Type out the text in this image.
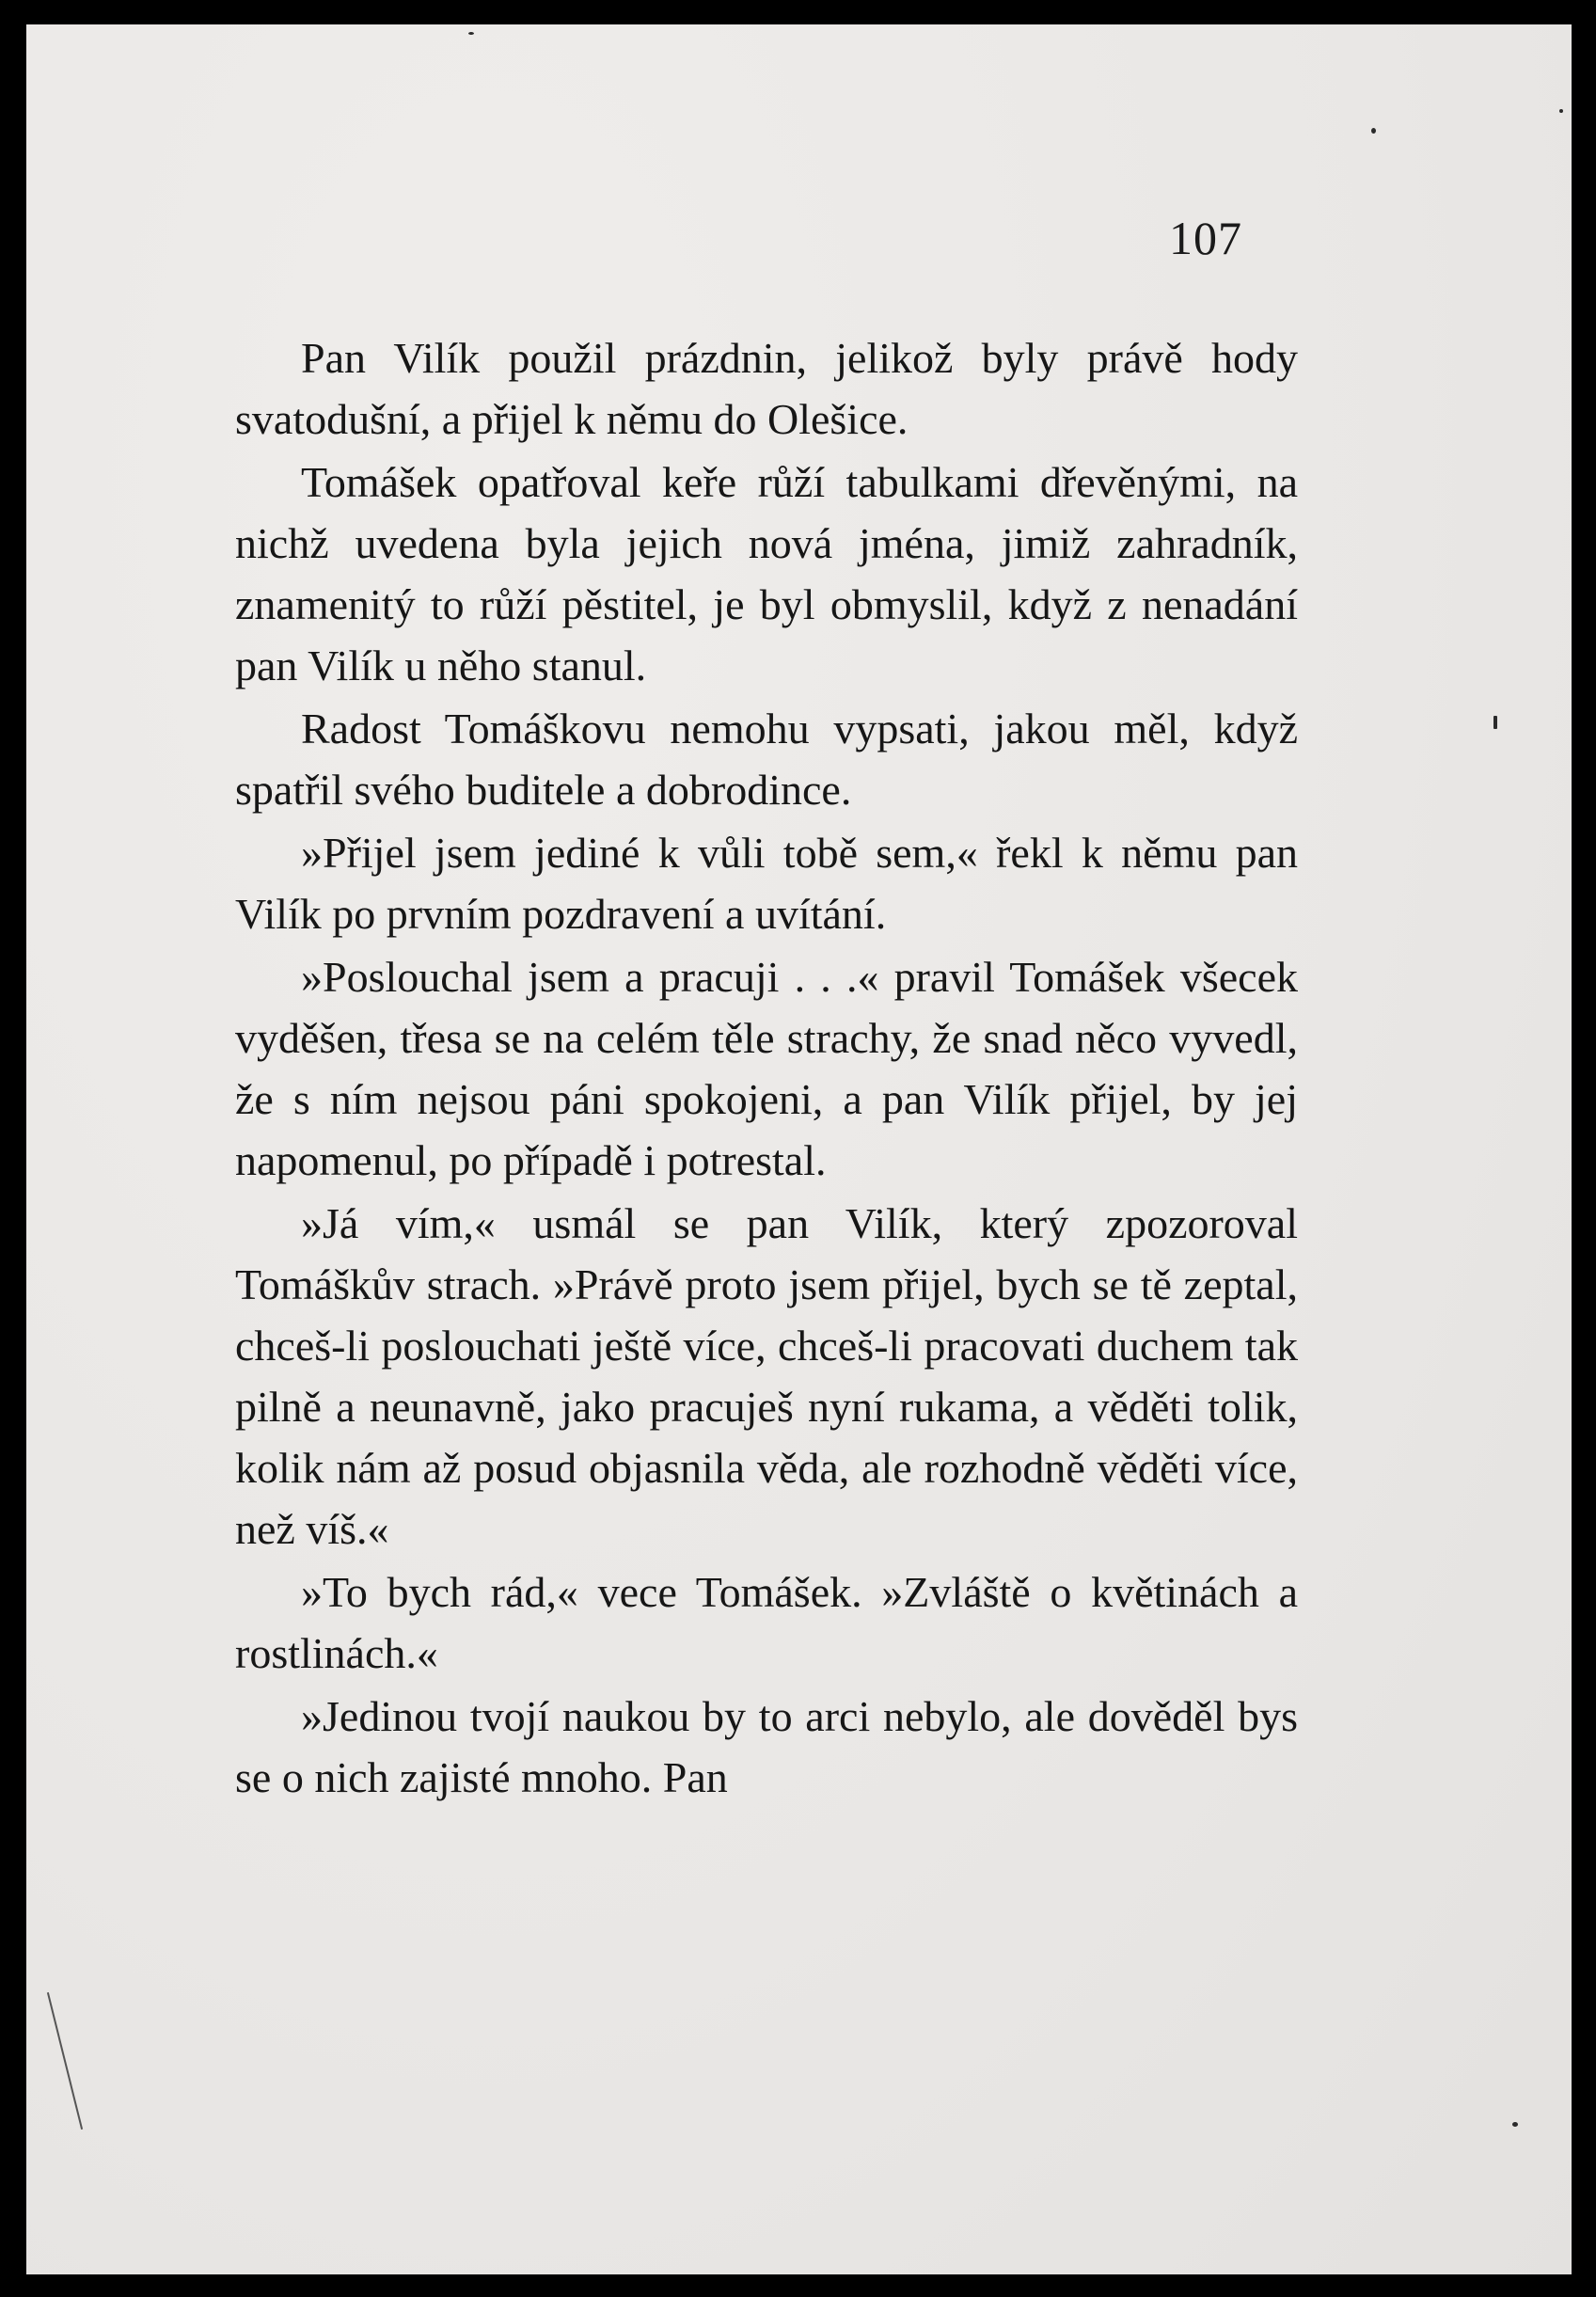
107

Pan Vilík použil prázdnin, jelikož byly právě hody svatodušní, a přijel k němu do Olešice.

Tomášek opatřoval keře růží tabulkami dřevěnými, na nichž uvedena byla jejich nová jména, jimiž zahradník, znamenitý to růží pěstitel, je byl obmyslil, když z nenadání pan Vilík u něho stanul.

Radost Tomáškovu nemohu vypsati, jakou měl, když spatřil svého buditele a dobrodince.

»Přijel jsem jediné k vůli tobě sem,« řekl k němu pan Vilík po prvním pozdravení a uvítání.

»Poslouchal jsem a pracuji . . .« pravil Tomášek všecek vyděšen, třesa se na celém těle strachy, že snad něco vyvedl, že s ním nejsou páni spokojeni, a pan Vilík přijel, by jej napomenul, po případě i potrestal.

»Já vím,« usmál se pan Vilík, který zpozoroval Tomáškův strach. »Právě proto jsem přijel, bych se tě zeptal, chceš-li poslouchati ještě více, chceš-li pracovati duchem tak pilně a neunavně, jako pracuješ nyní rukama, a věděti tolik, kolik nám až posud objasnila věda, ale rozhodně věděti více, než víš.«

»To bych rád,« vece Tomášek. »Zvláště o květinách a rostlinách.«

»Jedinou tvojí naukou by to arci nebylo, ale dověděl bys se o nich zajisté mnoho. Pan
